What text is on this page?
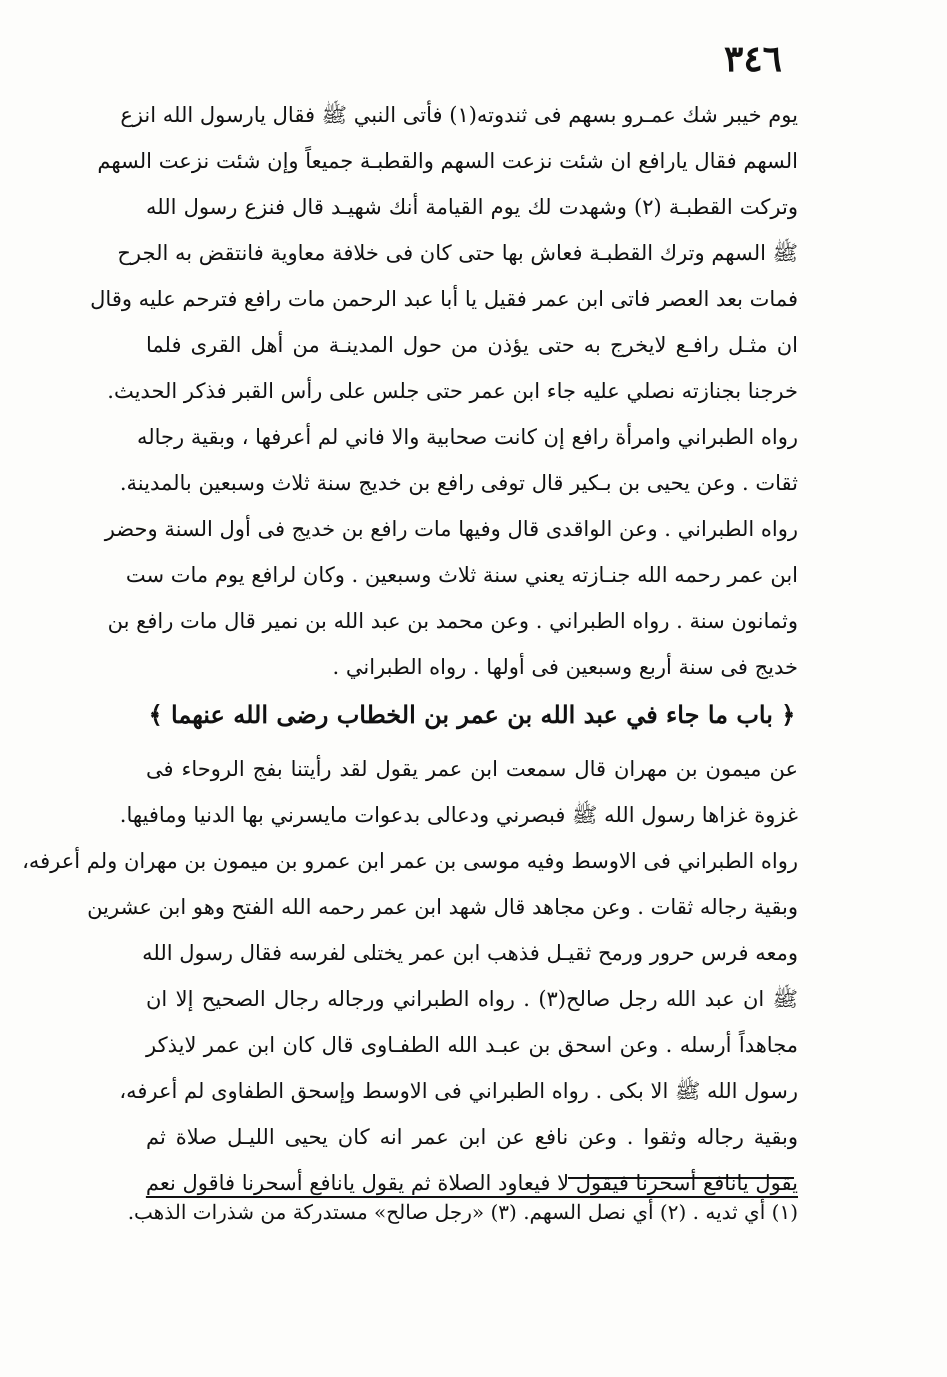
٣٤٦
يوم خيبر شك عمـرو بسهم فى ثندوته(١) فأتى النبي ﷺ فقال يارسول الله انزع
السهم فقال يارافع ان شئت نزعت السهم والقطبـة جميعاً وإن شئت نزعت السهم
وتركت القطبـة (٢) وشهدت لك يوم القيامة أنك شهيـد قال فنزع رسول الله
ﷺ السهم وترك القطبـة فعاش بها حتى كان فى خلافة معاوية فانتقض به الجرح
فمات بعد العصر فاتى ابن عمر فقيل يا أبا عبد الرحمن مات رافع فترحم عليه وقال
ان مثـل رافـع لايخرج به حتى يؤذن من حول المدينـة من أهل القرى فلما
خرجنا بجنازته نصلي عليه جاء ابن عمر حتى جلس على رأس القبر فذكر الحديث.
رواه الطبراني وامرأة رافع إن كانت صحابية والا فاني لم أعرفها ، وبقية رجاله
ثقات . وعن يحيى بن بـكير قال توفى رافع بن خديج سنة ثلاث وسبعين بالمدينة.
رواه الطبراني . وعن الواقدى قال وفيها مات رافع بن خديج فى أول السنة وحضر
ابن عمر رحمه الله جنـازته يعني سنة ثلاث وسبعين . وكان لرافع يوم مات ست
وثمانون سنة . رواه الطبراني . وعن محمد بن عبد الله بن نمير قال مات رافع بن
خديج فى سنة أربع وسبعين فى أولها . رواه الطبراني .
﴿ باب ما جاء في عبد الله بن عمر بن الخطاب رضى الله عنهما ﴾
عن ميمون بن مهران قال سمعت ابن عمر يقول لقد رأيتنا بفج الروحاء فى
غزوة غزاها رسول الله ﷺ فبصرني ودعالى بدعوات مايسرني بها الدنيا ومافيها.
رواه الطبراني فى الاوسط وفيه موسى بن عمر ابن عمرو بن ميمون بن مهران ولم أعرفه،
وبقية رجاله ثقات . وعن مجاهد قال شهد ابن عمر رحمه الله الفتح وهو ابن عشرين
ومعه فرس حرور ورمح ثقيـل فذهب ابن عمر يختلى لفرسه فقال رسول الله
ﷺ ان عبد الله رجل صالح(٣) . رواه الطبراني ورجاله رجال الصحيح إلا ان
مجاهداً أرسله . وعن اسحق بن عبـد الله الطفـاوى قال كان ابن عمر لايذكر
رسول الله ﷺ الا بكى . رواه الطبراني فى الاوسط وإسحق الطفاوى لم أعرفه،
وبقية رجاله وثقوا . وعن نافع عن ابن عمر انه كان يحيى الليـل صلاة ثم
يقول يانافع أسحرنا فيقول لا فيعاود الصلاة ثم يقول يانافع أسحرنا فاقول نعم
(١) أي ثديه . (٢) أي نصل السهم. (٣) «رجل صالح» مستدركة من شذرات الذهب.
